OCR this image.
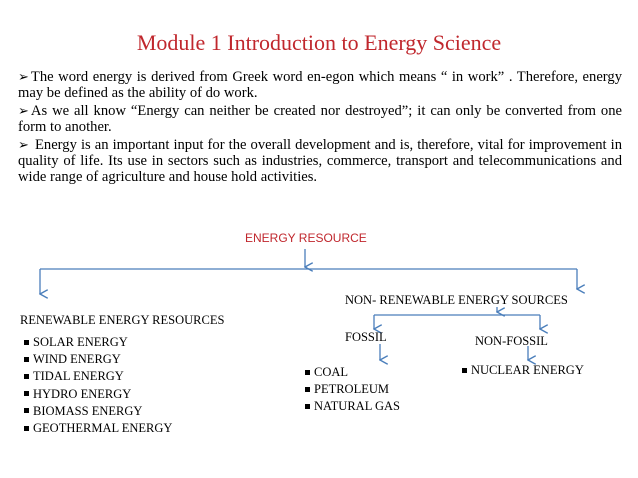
Module 1 Introduction to Energy Science

➢ The word energy is derived from Greek word en-egon which means “ in work” . Therefore, energy may be defined as the ability of do work.

➢ As we all know “Energy can neither be created nor destroyed”; it can only be converted from one form to another.

➢ Energy is an important input for the overall development and is, therefore, vital for improvement in quality of life. Its use in sectors such as industries, commerce, transport and telecommunications and wide range of agriculture and house hold activities.

ENERGY RESOURCE
RENEWABLE ENERGY RESOURCES
NON- RENEWABLE ENERGY SOURCES
FOSSIL	NON-FOSSIL
SOLAR ENERGY
WIND ENERGY
TIDAL ENERGY
HYDRO ENERGY
BIOMASS ENERGY
GEOTHERMAL ENERGY
COAL
PETROLEUM
NATURAL GAS
NUCLEAR ENERGY
